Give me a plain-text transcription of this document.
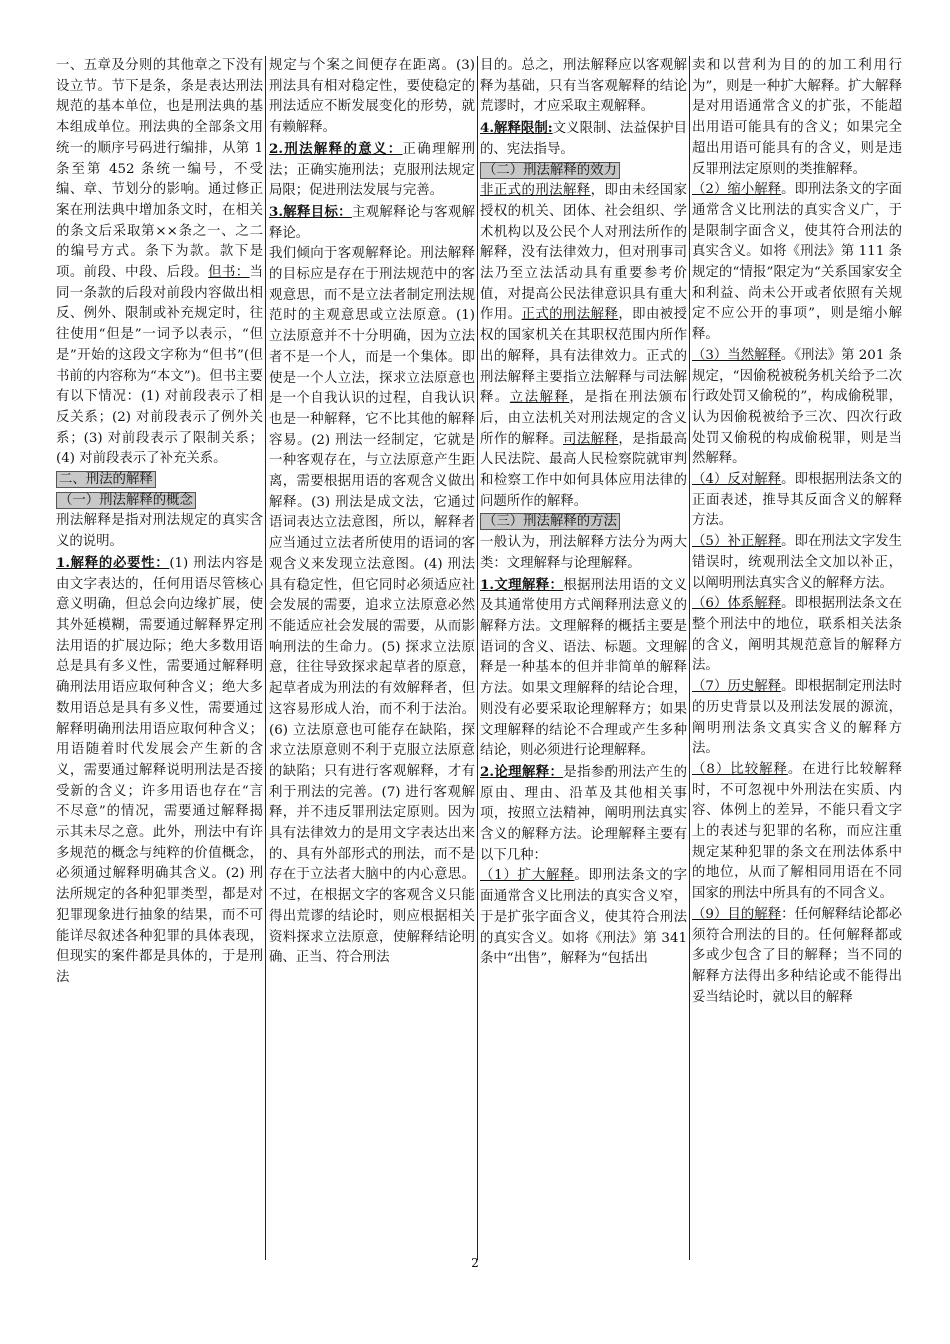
一、五章及分则的其他章之下没有设立节。节下是条，条是表达刑法规范的基本单位，也是刑法典的基本组成单位。刑法典的全部条文用统一的顺序号码进行编排，从第 1 条至第 452 条统一编号，不受编、章、节划分的影响。通过修正案在刑法典中增加条文时，在相关的条文后采取第××条之一、之二的编号方式。条下为款。款下是项。前段、中段、后段。但书：当同一条款的后段对前段内容做出相反、例外、限制或补充规定时，往往使用“但是”一词予以表示，“但是”开始的这段文字称为“但书”(但书前的内容称为“本文”)。但书主要有以下情况：(1) 对前段表示了相反关系；(2) 对前段表示了例外关系；(3) 对前段表示了限制关系；(4) 对前段表示了补充关系。

二、刑法的解释

（一）刑法解释的概念

刑法解释是指对刑法规定的真实含义的说明。

1.解释的必要性：(1) 刑法内容是由文字表达的，任何用语尽管核心意义明确，但总会向边缘扩展，使其外延模糊，需要通过解释界定刑法用语的扩展边际；绝大多数用语总是具有多义性，需要通过解释明确刑法用语应取何种含义；绝大多数用语总是具有多义性，需要通过解释明确刑法用语应取何种含义；用语随着时代发展会产生新的含义，需要通过解释说明刑法是否接受新的含义；许多用语也存在“言不尽意”的情况，需要通过解释揭示其未尽之意。此外，刑法中有许多规范的概念与纯粹的价值概念，必须通过解释明确其含义。(2) 刑法所规定的各种犯罪类型，都是对犯罪现象进行抽象的结果，而不可能详尽叙述各种犯罪的具体表现，但现实的案件都是具体的，于是刑法

规定与个案之间便存在距离。(3) 刑法具有相对稳定性，要使稳定的刑法适应不断发展变化的形势，就有赖解释。

2.刑法解释的意义：正确理解刑法；正确实施刑法；克服刑法规定局限；促进刑法发展与完善。

3.解释目标：主观解释论与客观解释论。

我们倾向于客观解释论。刑法解释的目标应是存在于刑法规范中的客观意思，而不是立法者制定刑法规范时的主观意思或立法原意。(1) 立法原意并不十分明确，因为立法者不是一个人，而是一个集体。即使是一个人立法，探求立法原意也是一个自我认识的过程，自我认识也是一种解释，它不比其他的解释容易。(2) 刑法一经制定，它就是一种客观存在，与立法原意产生距离，需要根据用语的客观含义做出解释。(3) 刑法是成文法，它通过语词表达立法意图，所以，解释者应当通过立法者所使用的语词的客观含义来发现立法意图。(4) 刑法具有稳定性，但它同时必须适应社会发展的需要，追求立法原意必然不能适应社会发展的需要，从而影响刑法的生命力。(5) 探求立法原意，往往导致探求起草者的原意，起草者成为刑法的有效解释者，但这容易形成人治，而不利于法治。(6) 立法原意也可能存在缺陷，探求立法原意则不利于克服立法原意的缺陷；只有进行客观解释，才有利于刑法的完善。(7) 进行客观解释，并不违反罪刑法定原则。因为具有法律效力的是用文字表达出来的、具有外部形式的刑法，而不是存在于立法者大脑中的内心意思。不过，在根据文字的客观含义只能得出荒谬的结论时，则应根据相关资料探求立法原意，使解释结论明确、正当、符合刑法

目的。总之，刑法解释应以客观解释为基础，只有当客观解释的结论荒谬时，才应采取主观解释。

4.解释限制:文义限制、法益保护目的、宪法指导。

（二）刑法解释的效力

非正式的刑法解释，即由未经国家授权的机关、团体、社会组织、学术机构以及公民个人对刑法所作的解释，没有法律效力，但对刑事司法乃至立法活动具有重要参考价值，对提高公民法律意识具有重大作用。正式的刑法解释，即由被授权的国家机关在其职权范围内所作出的解释，具有法律效力。正式的刑法解释主要指立法解释与司法解释。立法解释，是指在刑法颁布后，由立法机关对刑法规定的含义所作的解释。司法解释，是指最高人民法院、最高人民检察院就审判和检察工作中如何具体应用法律的问题所作的解释。

（三）刑法解释的方法

一般认为，刑法解释方法分为两大类：文理解释与论理解释。

1.文理解释：根据刑法用语的文义及其通常使用方式阐释刑法意义的解释方法。文理解释的概括主要是语词的含义、语法、标题。文理解释是一种基本的但并非简单的解释方法。如果文理解释的结论合理，则没有必要采取论理解释方；如果文理解释的结论不合理或产生多种结论，则必须进行论理解释。

2.论理解释：是指参酌刑法产生的原由、理由、沿革及其他相关事项，按照立法精神，阐明刑法真实含义的解释方法。论理解释主要有以下几种：

（1）扩大解释。即刑法条文的字面通常含义比刑法的真实含义窄，于是扩张字面含义，使其符合刑法的真实含义。如将《刑法》第 341 条中“出售”，解释为“包括出

卖和以营利为目的的加工利用行为”，则是一种扩大解释。扩大解释是对用语通常含义的扩张，不能超出用语可能具有的含义；如果完全超出用语可能具有的含义，则是违反罪刑法定原则的类推解释。

（2）缩小解释。即刑法条文的字面通常含义比刑法的真实含义广，于是限制字面含义，使其符合刑法的真实含义。如将《刑法》第 111 条规定的“情报”限定为“关系国家安全和利益、尚未公开或者依照有关规定不应公开的事项”，则是缩小解释。

（3）当然解释。《刑法》第 201 条规定，“因偷税被税务机关给予二次行政处罚又偷税的”，构成偷税罪，认为因偷税被给予三次、四次行政处罚又偷税的构成偷税罪，则是当然解释。

（4）反对解释。即根据刑法条文的正面表述，推导其反面含义的解释方法。

（5）补正解释。即在刑法文字发生错误时，统观刑法全文加以补正，以阐明刑法真实含义的解释方法。

（6）体系解释。即根据刑法条文在整个刑法中的地位，联系相关法条的含义，阐明其规范意旨的解释方法。

（7）历史解释。即根据制定刑法时的历史背景以及刑法发展的源流，阐明刑法条文真实含义的解释方法。

（8）比较解释。在进行比较解释时，不可忽视中外刑法在实质、内容、体例上的差异，不能只看文字上的表述与犯罪的名称，而应注重规定某种犯罪的条文在刑法体系中的地位，从而了解相同用语在不同国家的刑法中所具有的不同含义。

（9）目的解释：任何解释结论都必须符合刑法的目的。任何解释都或多或少包含了目的解释；当不同的解释方法得出多种结论或不能得出妥当结论时，就以目的解释

2
